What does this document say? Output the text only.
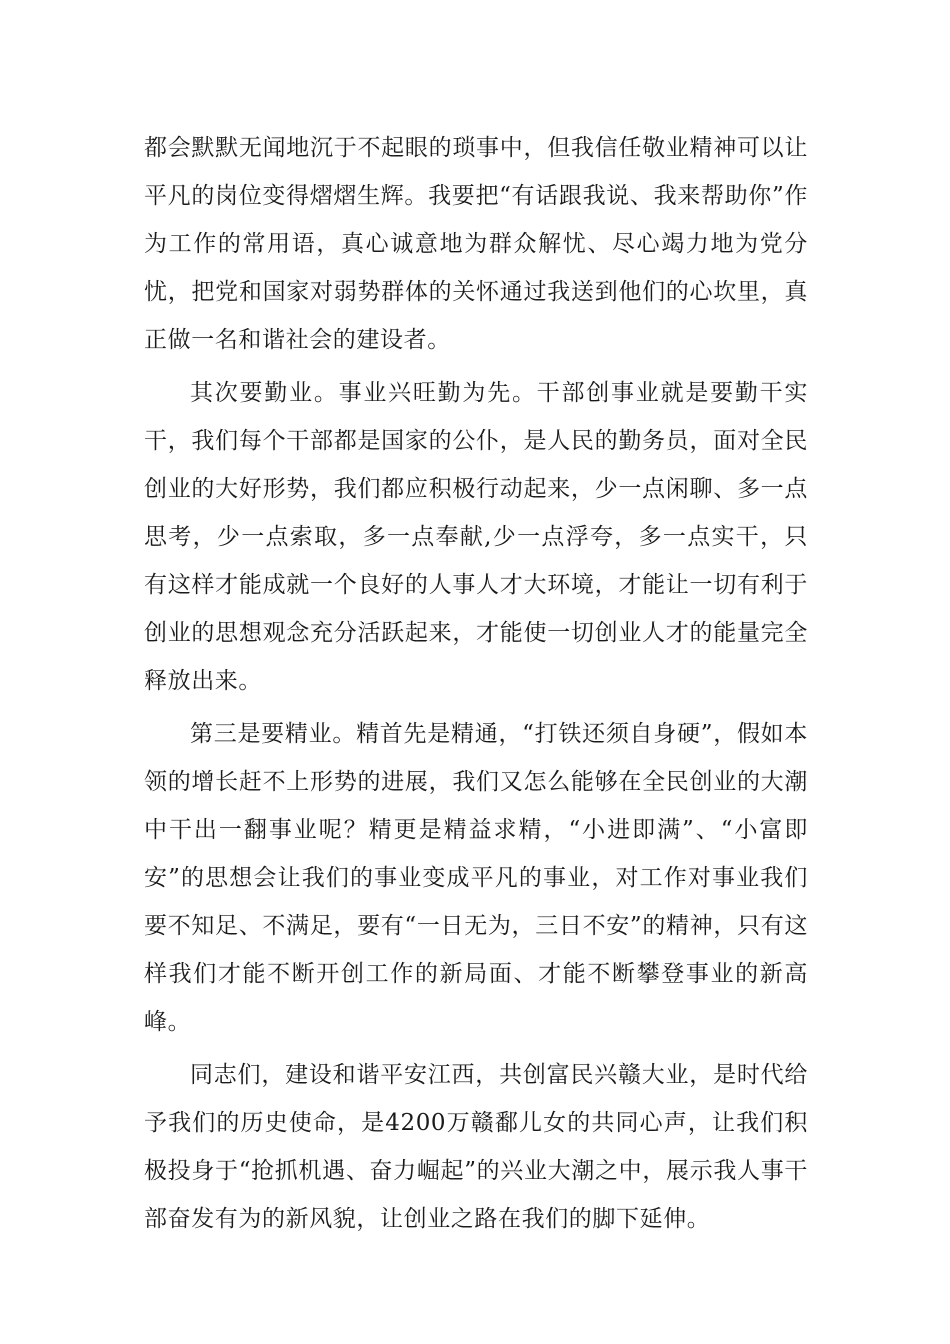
都会默默无闻地沉于不起眼的琐事中，但我信任敬业精神可以让平凡的岗位变得熠熠生辉。我要把“有话跟我说、我来帮助你”作为工作的常用语，真心诚意地为群众解忧、尽心竭力地为党分忧，把党和国家对弱势群体的关怀通过我送到他们的心坎里，真正做一名和谐社会的建设者。

其次要勤业。事业兴旺勤为先。干部创事业就是要勤干实干，我们每个干部都是国家的公仆，是人民的勤务员，面对全民创业的大好形势，我们都应积极行动起来，少一点闲聊、多一点思考，少一点索取，多一点奉献,少一点浮夸，多一点实干，只有这样才能成就一个良好的人事人才大环境，才能让一切有利于创业的思想观念充分活跃起来，才能使一切创业人才的能量完全释放出来。

第三是要精业。精首先是精通，“打铁还须自身硬”，假如本领的增长赶不上形势的进展，我们又怎么能够在全民创业的大潮中干出一翻事业呢？精更是精益求精，“小进即满”、“小富即安”的思想会让我们的事业变成平凡的事业，对工作对事业我们要不知足、不满足，要有“一日无为，三日不安”的精神，只有这样我们才能不断开创工作的新局面、才能不断攀登事业的新高峰。

同志们，建设和谐平安江西，共创富民兴赣大业，是时代给予我们的历史使命，是4200万赣鄱儿女的共同心声，让我们积极投身于“抢抓机遇、奋力崛起”的兴业大潮之中，展示我人事干部奋发有为的新风貌，让创业之路在我们的脚下延伸。
